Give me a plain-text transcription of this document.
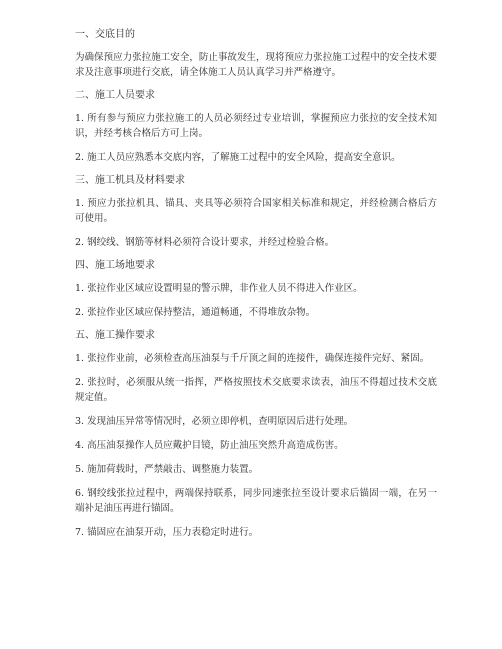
一、交底目的
为确保预应力张拉施工安全，防止事故发生，现将预应力张拉施工过程中的安全技术要求及注意事项进行交底，请全体施工人员认真学习并严格遵守。
二、施工人员要求
1. 所有参与预应力张拉施工的人员必须经过专业培训，掌握预应力张拉的安全技术知识，并经考核合格后方可上岗。
2. 施工人员应熟悉本交底内容，了解施工过程中的安全风险，提高安全意识。
三、施工机具及材料要求
1. 预应力张拉机具、锚具、夹具等必须符合国家相关标准和规定，并经检测合格后方可使用。
2. 钢绞线、钢筋等材料必须符合设计要求，并经过检验合格。
四、施工场地要求
1. 张拉作业区域应设置明显的警示牌，非作业人员不得进入作业区。
2. 张拉作业区域应保持整洁，通道畅通，不得堆放杂物。
五、施工操作要求
1. 张拉作业前，必须检查高压油泵与千斤顶之间的连接件，确保连接件完好、紧固。
2. 张拉时，必须服从统一指挥，严格按照技术交底要求读表，油压不得超过技术交底规定值。
3. 发现油压异常等情况时，必须立即停机，查明原因后进行处理。
4. 高压油泵操作人员应戴护目镜，防止油压突然升高造成伤害。
5. 施加荷载时，严禁敲击、调整施力装置。
6. 钢绞线张拉过程中，两端保持联系，同步同速张拉至设计要求后锚固一端，在另一端补足油压再进行锚固。
7. 锚固应在油泵开动，压力表稳定时进行。
